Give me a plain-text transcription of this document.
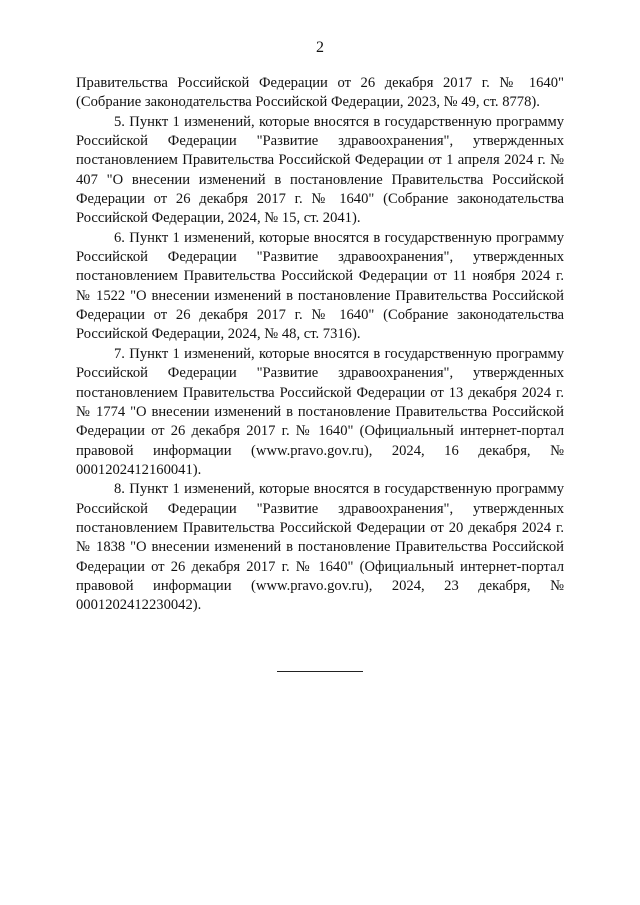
2

Правительства Российской Федерации от 26 декабря 2017 г. № 1640" (Собрание законодательства Российской Федерации, 2023, № 49, ст. 8778).

5. Пункт 1 изменений, которые вносятся в государственную программу Российской Федерации "Развитие здравоохранения", утвержденных постановлением Правительства Российской Федерации от 1 апреля 2024 г. № 407 "О внесении изменений в постановление Правительства Российской Федерации от 26 декабря 2017 г. № 1640" (Собрание законодательства Российской Федерации, 2024, № 15, ст. 2041).

6. Пункт 1 изменений, которые вносятся в государственную программу Российской Федерации "Развитие здравоохранения", утвержденных постановлением Правительства Российской Федерации от 11 ноября 2024 г. № 1522 "О внесении изменений в постановление Правительства Российской Федерации от 26 декабря 2017 г. № 1640" (Собрание законодательства Российской Федерации, 2024, № 48, ст. 7316).

7. Пункт 1 изменений, которые вносятся в государственную программу Российской Федерации "Развитие здравоохранения", утвержденных постановлением Правительства Российской Федерации от 13 декабря 2024 г. № 1774 "О внесении изменений в постановление Правительства Российской Федерации от 26 декабря 2017 г. № 1640" (Официальный интернет-портал правовой информации (www.pravo.gov.ru), 2024, 16 декабря, № 0001202412160041).

8. Пункт 1 изменений, которые вносятся в государственную программу Российской Федерации "Развитие здравоохранения", утвержденных постановлением Правительства Российской Федерации от 20 декабря 2024 г. № 1838 "О внесении изменений в постановление Правительства Российской Федерации от 26 декабря 2017 г. № 1640" (Официальный интернет-портал правовой информации (www.pravo.gov.ru), 2024, 23 декабря, № 0001202412230042).
